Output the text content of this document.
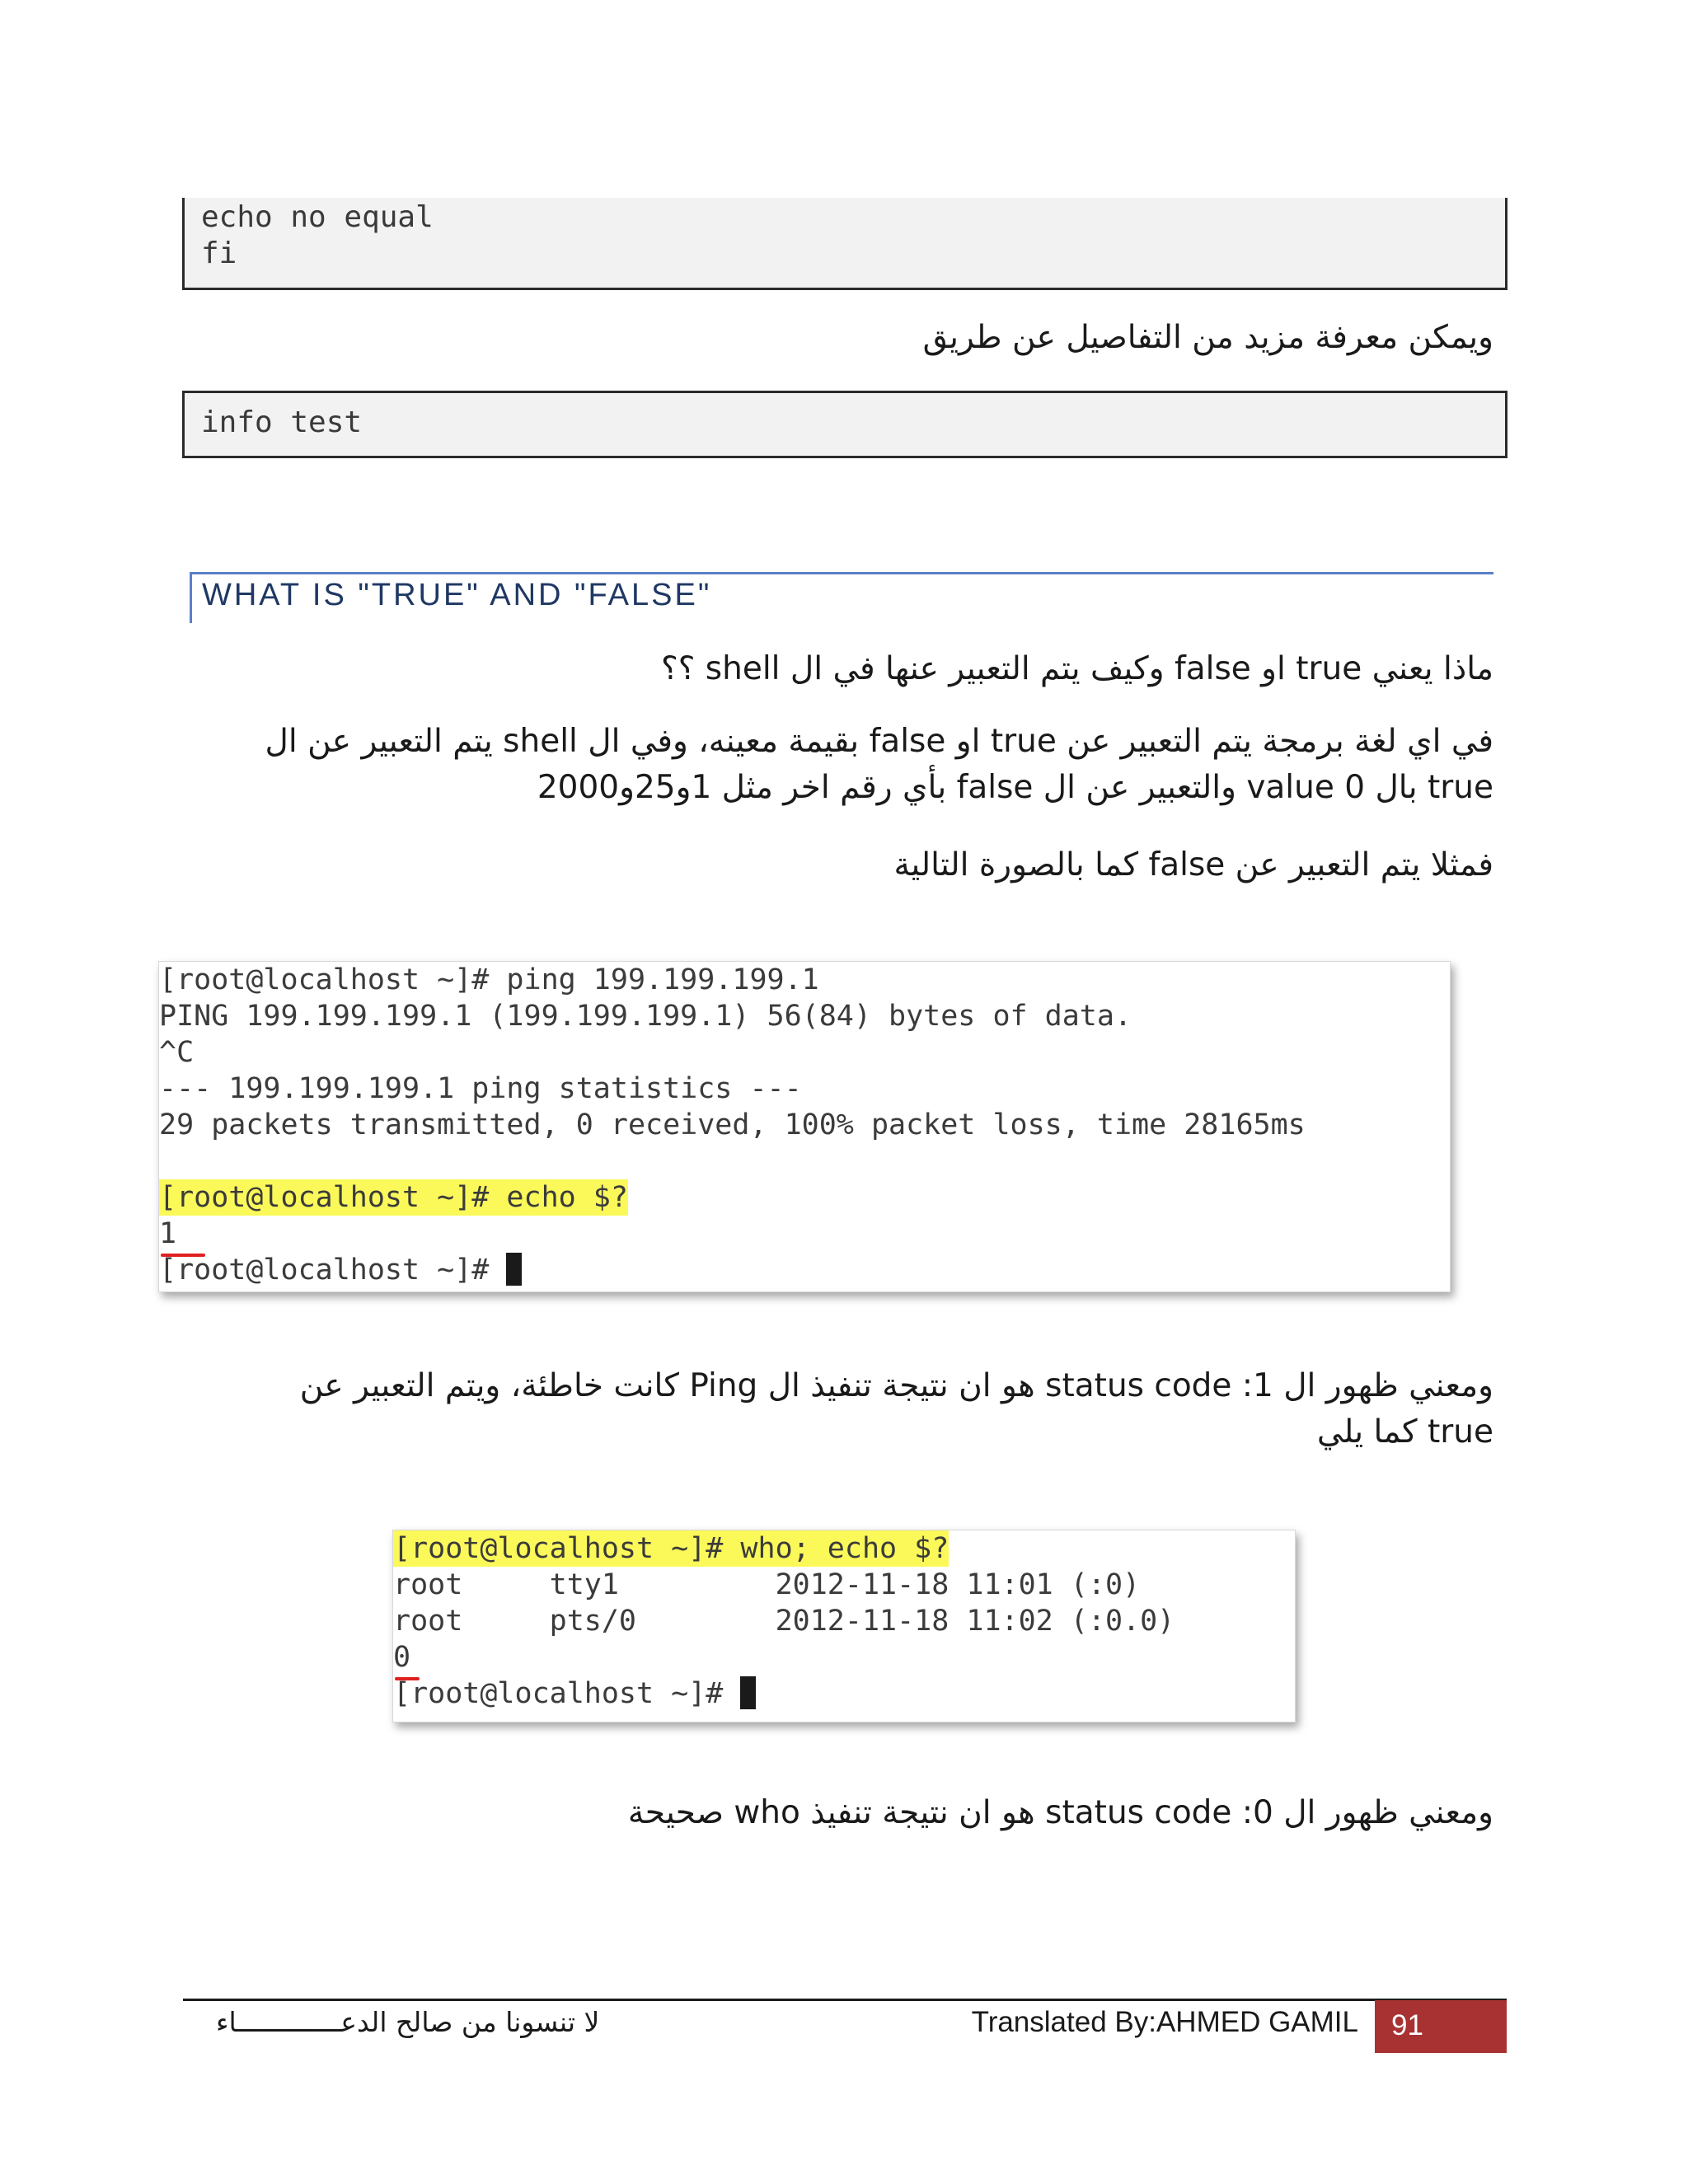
echo no equal
fi
ويمكن معرفة مزيد من التفاصيل عن طريق
info test
WHAT IS "TRUE" AND "FALSE"
ماذا يعني true او false وكيف يتم التعبير عنها في ال shell ؟؟
في اي لغة برمجة يتم التعبير عن true او false بقيمة معينه، وفي ال shell يتم التعبير عن ال true بال 0 value والتعبير عن ال false بأي رقم اخر مثل 1و25و2000
فمثلا يتم التعبير عن false كما بالصورة التالية
[root@localhost ~]# ping 199.199.199.1
PING 199.199.199.1 (199.199.199.1) 56(84) bytes of data.
^C
--- 199.199.199.1 ping statistics ---
29 packets transmitted, 0 received, 100% packet loss, time 28165ms
[root@localhost ~]# echo $?
1
[root@localhost ~]#
ومعني ظهور ال 1: status code هو ان نتيجة تنفيذ ال Ping كانت خاطئة، ويتم التعبير عن true كما يلي
[root@localhost ~]# who; echo $?
root     tty1         2012-11-18 11:01 (:0)
root     pts/0        2012-11-18 11:02 (:0.0)
0
[root@localhost ~]#
ومعني ظهور ال 0: status code هو ان نتيجة تنفيذ who صحيحة
لا تنسونا من صالح الدعـــــــــــــاء	Translated By:AHMED GAMIL	91
